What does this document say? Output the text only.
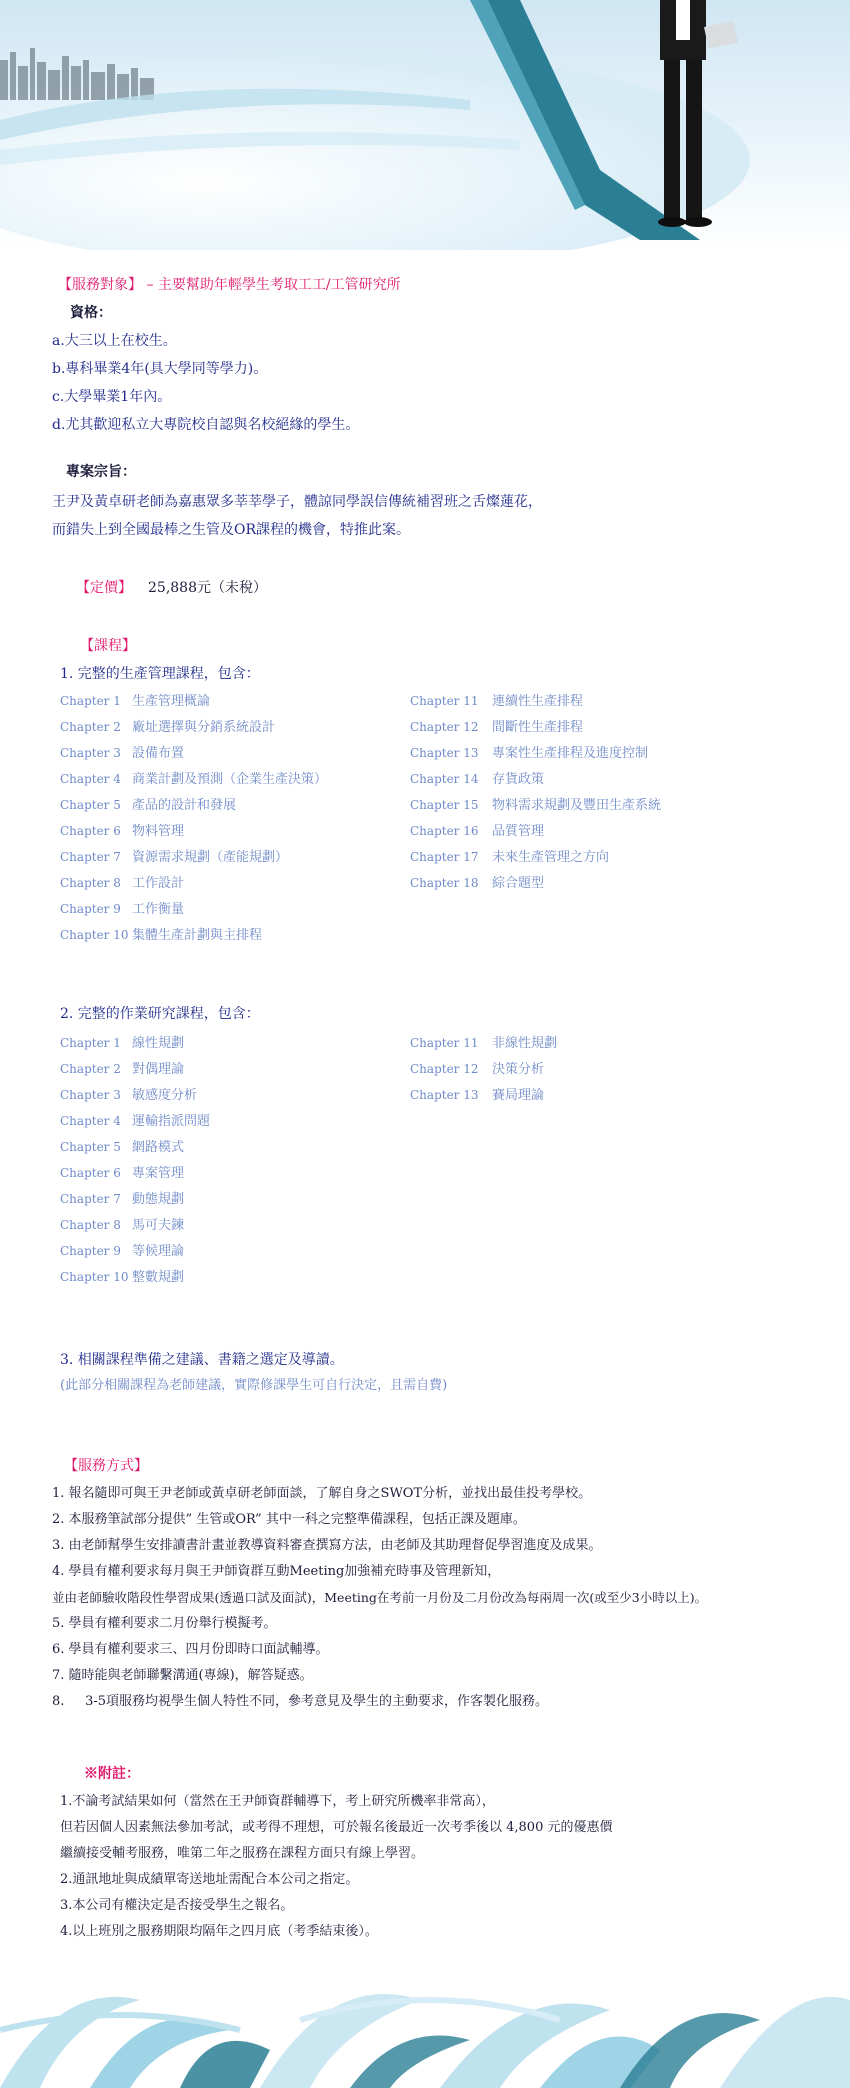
【服務對象】 – 主要幫助年輕學生考取工工/工管研究所
資格：
a.大三以上在校生。
b.專科畢業4年(具大學同等學力)。
c.大學畢業1年內。
d.尤其歡迎私立大專院校自認與名校絕緣的學生。
專案宗旨：
王尹及黃卓研老師為嘉惠眾多莘莘學子，體諒同學誤信傳統補習班之舌燦蓮花，
而錯失上到全國最棒之生管及OR課程的機會，特推此案。
【定價】 25,888元（未稅）
【課程】
1. 完整的生產管理課程，包含：
Chapter 1 生產管理概論
Chapter 2 廠址選擇與分銷系統設計
Chapter 3 設備布置
Chapter 4 商業計劃及預測（企業生產決策）
Chapter 5 產品的設計和發展
Chapter 6 物料管理
Chapter 7 資源需求規劃（產能規劃）
Chapter 8 工作設計
Chapter 9 工作衡量
Chapter 10集體生產計劃與主排程
Chapter 11 連續性生產排程
Chapter 12 間斷性生產排程
Chapter 13 專案性生產排程及進度控制
Chapter 14 存貨政策
Chapter 15 物料需求規劃及豐田生產系統
Chapter 16 品質管理
Chapter 17 未來生產管理之方向
Chapter 18 綜合題型
2. 完整的作業研究課程，包含：
Chapter 1 線性規劃
Chapter 2 對偶理論
Chapter 3 敏感度分析
Chapter 4 運輸指派問題
Chapter 5 網路模式
Chapter 6 專案管理
Chapter 7 動態規劃
Chapter 8 馬可夫鍊
Chapter 9 等候理論
Chapter 10整數規劃
Chapter 11 非線性規劃
Chapter 12 決策分析
Chapter 13 賽局理論
3. 相關課程準備之建議、書籍之選定及導讀。
(此部分相關課程為老師建議，實際修課學生可自行決定，且需自費)
【服務方式】
1. 報名隨即可與王尹老師或黃卓研老師面談，了解自身之SWOT分析，並找出最佳投考學校。
2. 本服務筆試部分提供” 生管或OR” 其中一科之完整準備課程，包括正課及題庫。
3. 由老師幫學生安排讀書計畫並教導資料審查撰寫方法，由老師及其助理督促學習進度及成果。
4. 學員有權利要求每月與王尹師資群互動Meeting加強補充時事及管理新知，
並由老師驗收階段性學習成果(透過口試及面試)，Meeting在考前一月份及二月份改為每兩周一次(或至少3小時以上)。
5. 學員有權利要求二月份舉行模擬考。
6. 學員有權利要求三、四月份即時口面試輔導。
7. 隨時能與老師聯繫溝通(專線)，解答疑惑。
8.     3-5項服務均視學生個人特性不同，參考意見及學生的主動要求，作客製化服務。
※附註：
1.不論考試結果如何（當然在王尹師資群輔導下，考上研究所機率非常高），
但若因個人因素無法參加考試，或考得不理想，可於報名後最近一次考季後以 4,800 元的優惠價
繼續接受輔考服務，唯第二年之服務在課程方面只有線上學習。
2.通訊地址與成績單寄送地址需配合本公司之指定。
3.本公司有權決定是否接受學生之報名。
4.以上班別之服務期限均隔年之四月底（考季結束後）。
